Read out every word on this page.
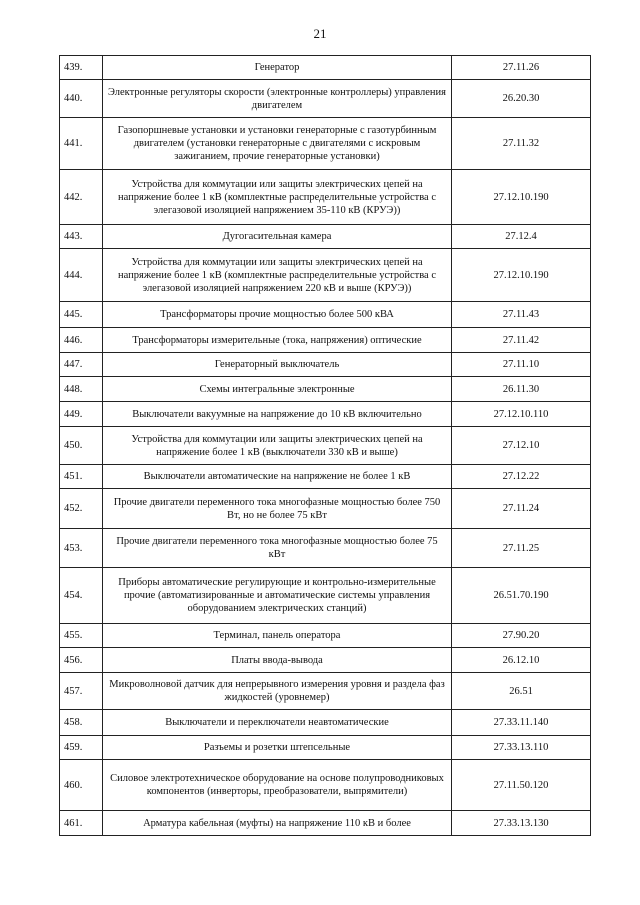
21
439.	Генератор	27.11.26
440.	Электронные регуляторы скорости (электронные контроллеры) управления двигателем	26.20.30
441.	Газопоршневые установки и установки генераторные с газотурбинным двигателем (установки генераторные с двигателями с искровым зажиганием, прочие генераторные установки)	27.11.32
442.	Устройства для коммутации или защиты электрических цепей на напряжение более 1 кВ (комплектные распределительные устройства с элегазовой изоляцией напряжением 35-110 кВ (КРУЭ))	27.12.10.190
443.	Дугогасительная камера	27.12.4
444.	Устройства для коммутации или защиты электрических цепей на напряжение более 1 кВ (комплектные распределительные устройства с элегазовой изоляцией напряжением 220 кВ и выше (КРУЭ))	27.12.10.190
445.	Трансформаторы прочие мощностью более 500 кВА	27.11.43
446.	Трансформаторы измерительные (тока, напряжения) оптические	27.11.42
447.	Генераторный выключатель	27.11.10
448.	Схемы интегральные электронные	26.11.30
449.	Выключатели вакуумные на напряжение до 10 кВ включительно	27.12.10.110
450.	Устройства для коммутации или защиты электрических цепей на напряжение более 1 кВ (выключатели 330 кВ и выше)	27.12.10
451.	Выключатели автоматические на напряжение не более 1 кВ	27.12.22
452.	Прочие двигатели переменного тока многофазные мощностью более 750 Вт, но не более 75 кВт	27.11.24
453.	Прочие двигатели переменного тока многофазные мощностью более 75 кВт	27.11.25
454.	Приборы автоматические регулирующие и контрольно-измерительные прочие (автоматизированные и автоматические системы управления оборудованием электрических станций)	26.51.70.190
455.	Терминал, панель оператора	27.90.20
456.	Платы ввода-вывода	26.12.10
457.	Микроволновой датчик для непрерывного измерения уровня и раздела фаз жидкостей (уровнемер)	26.51
458.	Выключатели и переключатели неавтоматические	27.33.11.140
459.	Разъемы и розетки штепсельные	27.33.13.110
460.	Силовое электротехническое оборудование на основе полупроводниковых компонентов (инверторы, преобразователи, выпрямители)	27.11.50.120
461.	Арматура кабельная (муфты) на напряжение 110 кВ и более	27.33.13.130
